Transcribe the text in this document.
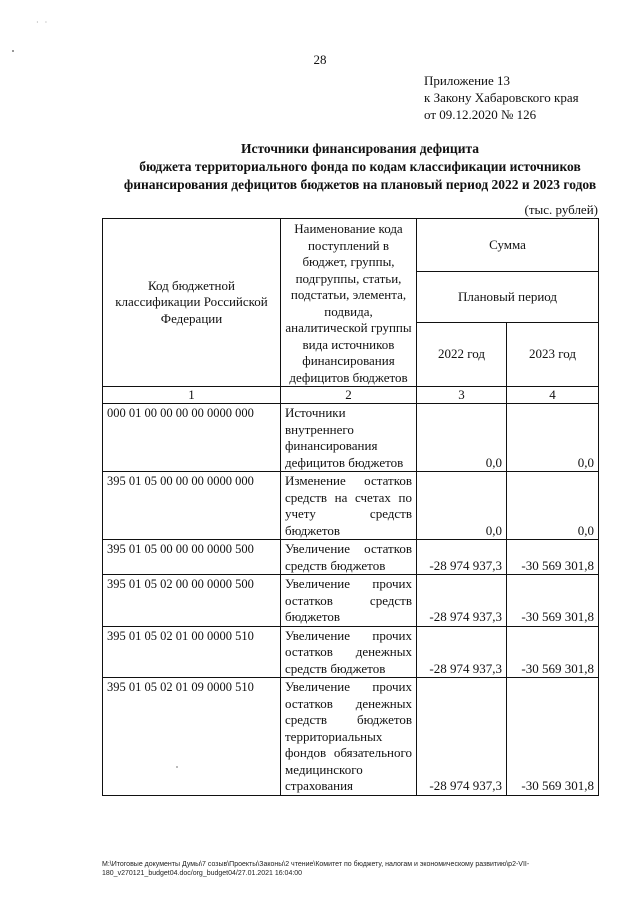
· ·
28
Приложение 13
к Закону Хабаровского края
от 09.12.2020 № 126
Источники финансирования дефицита
бюджета территориального фонда по кодам классификации источников
финансирования дефицитов бюджетов на плановый период 2022 и 2023 годов
(тыс. рублей)
Код бюджетной классификации Российской Федерации	Наименование кода поступлений в бюджет, группы, подгруппы, статьи, подстатьи, элемента, подвида, аналитической группы вида источников финансирования дефицитов бюджетов	Сумма	
		Плановый период	
		2022 год	2023 год
1	2	3	4
000 01 00 00 00 00 0000 000	Источники внутреннего финансирования дефицитов бюджетов	0,0	0,0
395 01 05 00 00 00 0000 000	Изменение остатков средств на счетах по учету средств бюджетов	0,0	0,0
395 01 05 00 00 00 0000 500	Увеличение остатков средств бюджетов	-28 974 937,3	-30 569 301,8
395 01 05 02 00 00 0000 500	Увеличение прочих остатков средств бюджетов	-28 974 937,3	-30 569 301,8
395 01 05 02 01 00 0000 510	Увеличение прочих остатков денежных средств бюджетов	-28 974 937,3	-30 569 301,8
395 01 05 02 01 09 0000 510	Увеличение прочих остатков денежных средств бюджетов территориальных фондов обязательного медицинского страхования	-28 974 937,3	-30 569 301,8
M:\Итоговые документы Думы\7 созыв\Проекты\Законы\2 чтение\Комитет по бюджету, налогам и экономическому развитию\p2-VII-180_v270121_budget04.doc/org_budget04/27.01.2021 16:04:00
